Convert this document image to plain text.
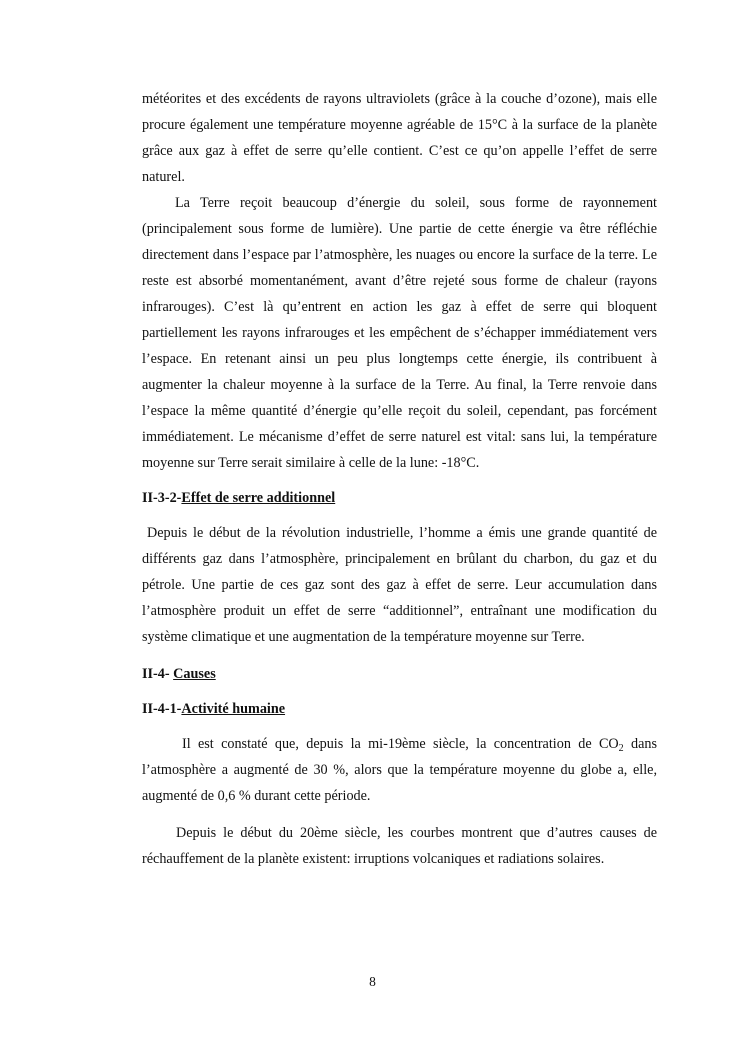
météorites et des excédents de rayons ultraviolets (grâce à la couche d’ozone), mais elle procure également une température moyenne agréable de 15°C à la surface de la planète grâce aux gaz à effet de serre qu’elle contient. C’est ce qu’on appelle l’effet de serre naturel.

La Terre reçoit beaucoup d’énergie du soleil, sous forme de rayonnement (principalement sous forme de lumière). Une partie de cette énergie va être réfléchie directement dans l’espace par l’atmosphère, les nuages ou encore la surface de la terre. Le reste est absorbé momentanément, avant d’être rejeté sous forme de chaleur (rayons infrarouges). C’est là qu’entrent en action les gaz à effet de serre qui bloquent partiellement les rayons infrarouges et les empêchent de s’échapper immédiatement vers l’espace. En retenant ainsi un peu plus longtemps cette énergie, ils contribuent à augmenter la chaleur moyenne à la surface de la Terre. Au final, la Terre renvoie dans l’espace la même quantité d’énergie qu’elle reçoit du soleil, cependant, pas forcément immédiatement. Le mécanisme d’effet de serre naturel est vital: sans lui, la température moyenne sur Terre serait similaire à celle de la lune: -18°C.

II-3-2-Effet de serre additionnel

Depuis le début de la révolution industrielle, l’homme a émis une grande quantité de différents gaz dans l’atmosphère, principalement en brûlant du charbon, du gaz et du pétrole. Une partie de ces gaz sont des gaz à effet de serre. Leur accumulation dans l’atmosphère produit un effet de serre “additionnel”, entraînant une modification du système climatique et une augmentation de la température moyenne sur Terre.

II-4- Causes
II-4-1-Activité humaine

Il est constaté que, depuis la mi-19ème siècle, la concentration de $CO_2$ dans l’atmosphère a augmenté de 30 %, alors que la température moyenne du globe a, elle, augmenté de 0,6 % durant cette période.

Depuis le début du 20ème siècle, les courbes montrent que d’autres causes de réchauffement de la planète existent: irruptions volcaniques et radiations solaires.

8
